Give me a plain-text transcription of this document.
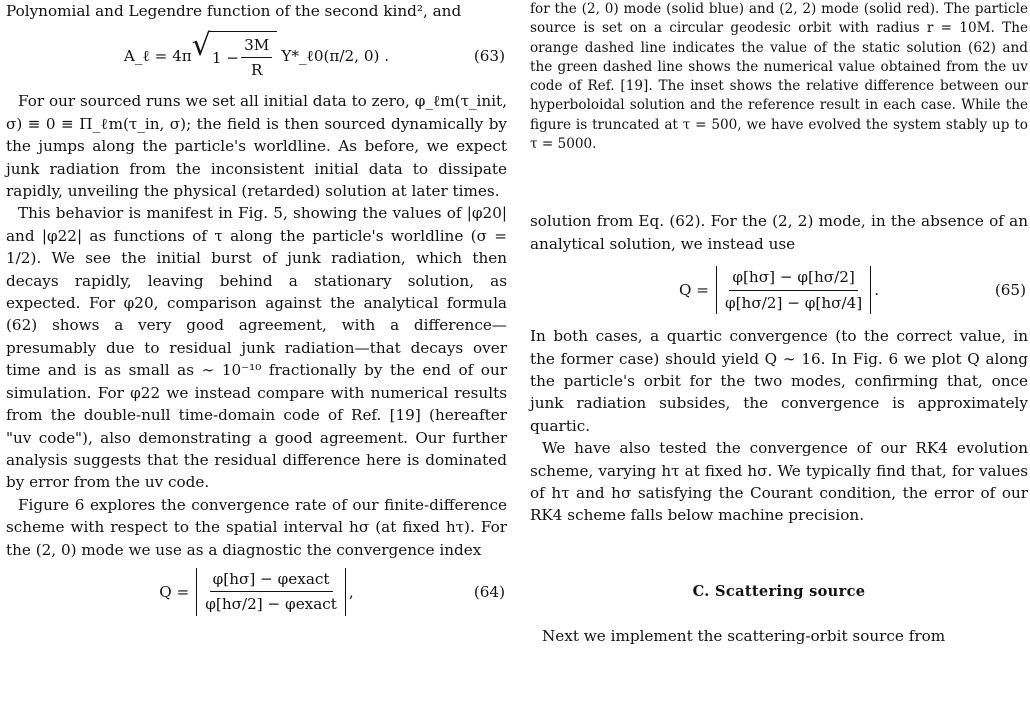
Polynomial and Legendre function of the second kind², and

A_ℓ = 4π √ $1 - \frac{3M}{R}$ Y*_ℓ0(π/2, 0) .	(63)

For our sourced runs we set all initial data to zero, φ_ℓm(τ_init, σ) ≡ 0 ≡ Π_ℓm(τ_in, σ); the field is then sourced dynamically by the jumps along the particle's worldline. As before, we expect junk radiation from the inconsistent initial data to dissipate rapidly, unveiling the physical (retarded) solution at later times.

This behavior is manifest in Fig. 5, showing the values of |φ20| and |φ22| as functions of τ along the particle's worldline (σ = 1/2). We see the initial burst of junk radiation, which then decays rapidly, leaving behind a stationary solution, as expected. For φ20, comparison against the analytical formula (62) shows a very good agreement, with a difference—presumably due to residual junk radiation—that decays over time and is as small as ∼ 10⁻¹⁰ fractionally by the end of our simulation. For φ22 we instead compare with numerical results from the double-null time-domain code of Ref. [19] (hereafter "uv code"), also demonstrating a good agreement. Our further analysis suggests that the residual difference here is dominated by error from the uv code.

Figure 6 explores the convergence rate of our finite-difference scheme with respect to the spatial interval hσ (at fixed hτ). For the (2, 0) mode we use as a diagnostic the convergence index

$Q = \frac{\text{φ[hσ] − φexact}}{\text{φ[hσ/2] − φexact}}$ ,	(64)

for the (2, 0) mode (solid blue) and (2, 2) mode (solid red). The particle source is set on a circular geodesic orbit with radius r = 10M. The orange dashed line indicates the value of the static solution (62) and the green dashed line shows the numerical value obtained from the uv code of Ref. [19]. The inset shows the relative difference between our hyperboloidal solution and the reference result in each case. While the figure is truncated at τ = 500, we have evolved the system stably up to τ = 5000.

solution from Eq. (62). For the (2, 2) mode, in the absence of an analytical solution, we instead use

$Q = \frac{\varphi[h\sigma] - \varphi[h\sigma/2]}{\varphi[h\sigma/2] - \varphi[h\sigma/4]}$ .	(65)

In both cases, a quartic convergence (to the correct value, in the former case) should yield Q ∼ 16. In Fig. 6 we plot Q along the particle's orbit for the two modes, confirming that, once junk radiation subsides, the convergence is approximately quartic.

We have also tested the convergence of our RK4 evolution scheme, varying hτ at fixed hσ. We typically find that, for values of hτ and hσ satisfying the Courant condition, the error of our RK4 scheme falls below machine precision.

C. Scattering source

Next we implement the scattering-orbit source from
